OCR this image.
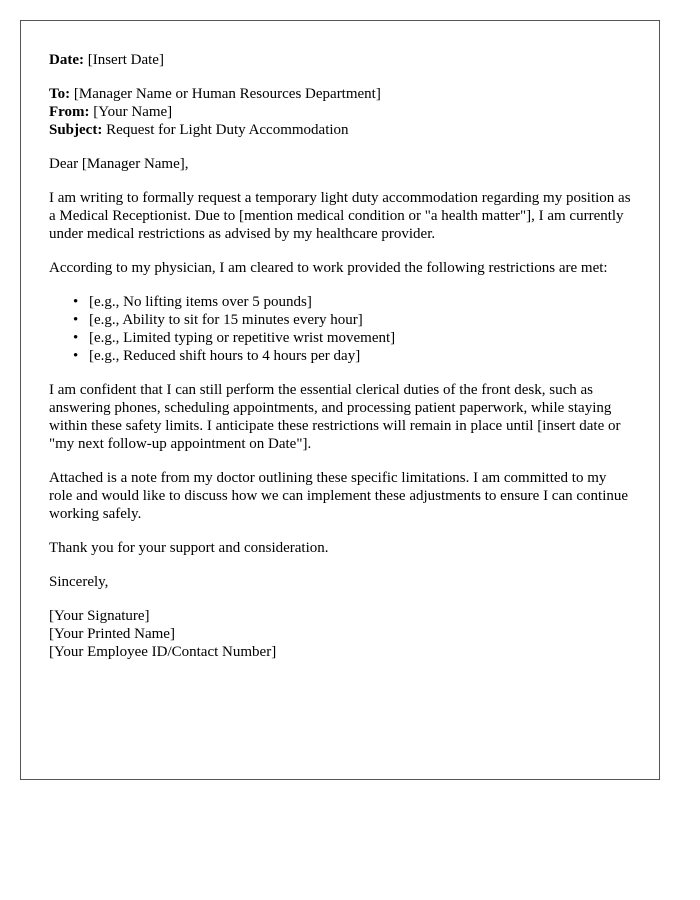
Date: [Insert Date]

To: [Manager Name or Human Resources Department]

From: [Your Name]

Subject: Request for Light Duty Accommodation

Dear [Manager Name],

I am writing to formally request a temporary light duty accommodation regarding my position as a Medical Receptionist. Due to [mention medical condition or "a health matter"], I am currently under medical restrictions as advised by my healthcare provider.

According to my physician, I am cleared to work provided the following restrictions are met:

• [e.g., No lifting items over 5 pounds]
• [e.g., Ability to sit for 15 minutes every hour]
• [e.g., Limited typing or repetitive wrist movement]
• [e.g., Reduced shift hours to 4 hours per day]

I am confident that I can still perform the essential clerical duties of the front desk, such as answering phones, scheduling appointments, and processing patient paperwork, while staying within these safety limits. I anticipate these restrictions will remain in place until [insert date or "my next follow-up appointment on Date"].

Attached is a note from my doctor outlining these specific limitations. I am committed to my role and would like to discuss how we can implement these adjustments to ensure I can continue working safely.

Thank you for your support and consideration.

Sincerely,

[Your Signature]

[Your Printed Name]

[Your Employee ID/Contact Number]
